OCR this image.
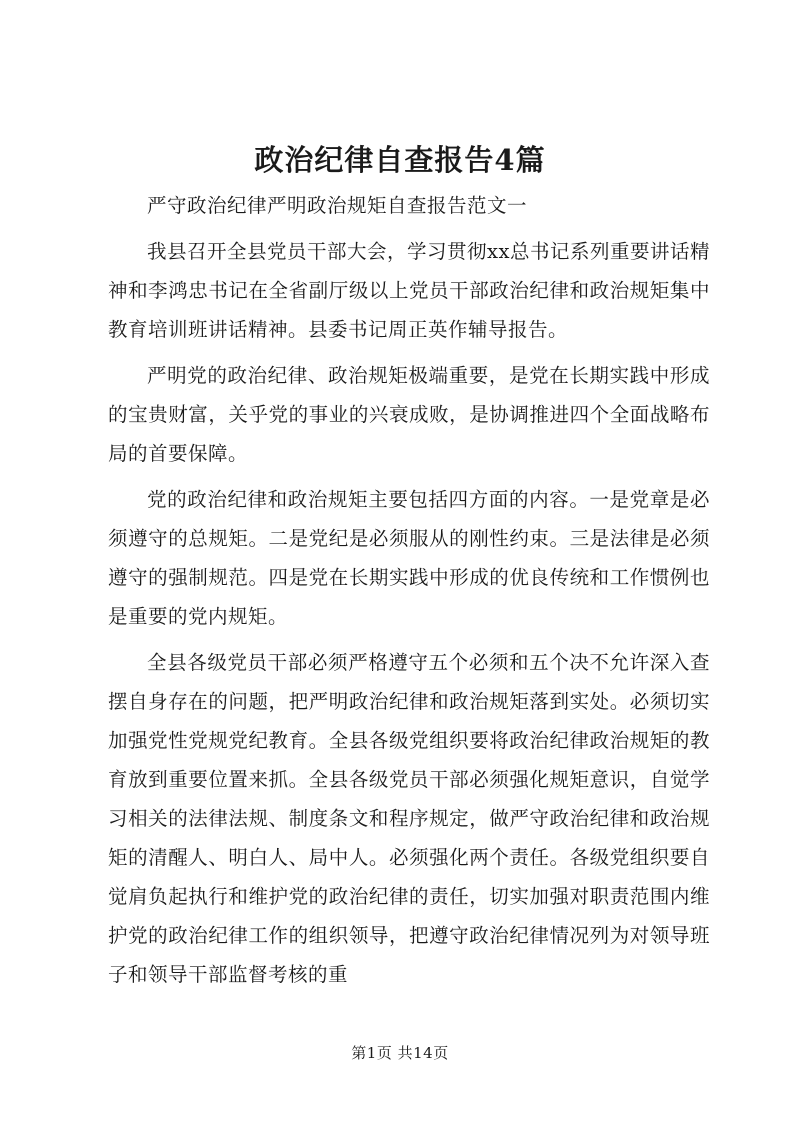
政治纪律自查报告4篇

严守政治纪律严明政治规矩自查报告范文一

我县召开全县党员干部大会，学习贯彻xx总书记系列重要讲话精神和李鸿忠书记在全省副厅级以上党员干部政治纪律和政治规矩集中教育培训班讲话精神。县委书记周正英作辅导报告。

严明党的政治纪律、政治规矩极端重要，是党在长期实践中形成的宝贵财富，关乎党的事业的兴衰成败，是协调推进四个全面战略布局的首要保障。

党的政治纪律和政治规矩主要包括四方面的内容。一是党章是必须遵守的总规矩。二是党纪是必须服从的刚性约束。三是法律是必须遵守的强制规范。四是党在长期实践中形成的优良传统和工作惯例也是重要的党内规矩。

全县各级党员干部必须严格遵守五个必须和五个决不允许深入查摆自身存在的问题，把严明政治纪律和政治规矩落到实处。必须切实加强党性党规党纪教育。全县各级党组织要将政治纪律政治规矩的教育放到重要位置来抓。全县各级党员干部必须强化规矩意识，自觉学习相关的法律法规、制度条文和程序规定，做严守政治纪律和政治规矩的清醒人、明白人、局中人。必须强化两个责任。各级党组织要自觉肩负起执行和维护党的政治纪律的责任，切实加强对职责范围内维护党的政治纪律工作的组织领导，把遵守政治纪律情况列为对领导班子和领导干部监督考核的重

第1页 共14页
